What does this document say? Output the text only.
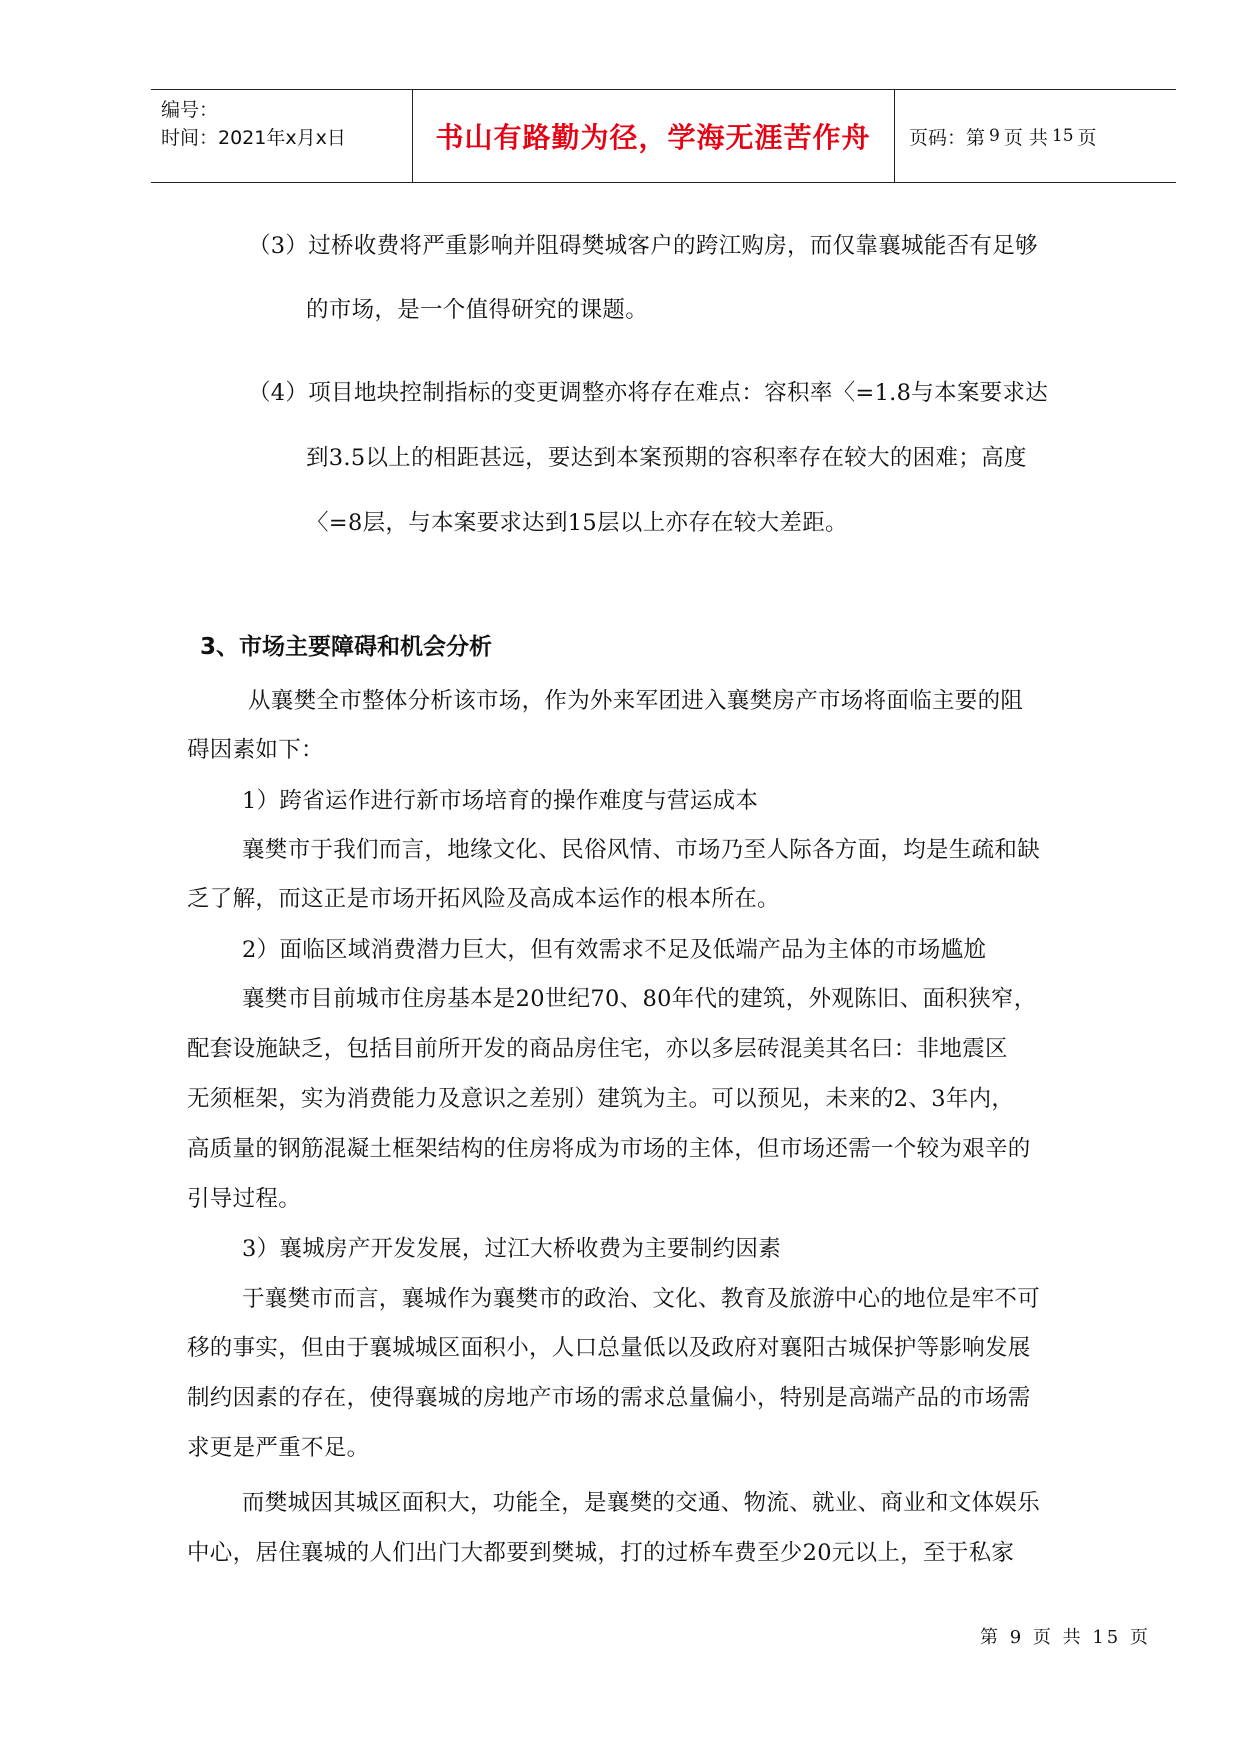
编号：
时间：2021年x月x日	书山有路勤为径，学海无涯苦作舟	页码：第 9 页 共 15 页
（3）过桥收费将严重影响并阻碍樊城客户的跨江购房，而仅靠襄城能否有足够
的市场，是一个值得研究的课题。
（4）项目地块控制指标的变更调整亦将存在难点：容积率〈=1.8与本案要求达
到3.5以上的相距甚远，要达到本案预期的容积率存在较大的困难；高度
〈=8层，与本案要求达到15层以上亦存在较大差距。
3、市场主要障碍和机会分析
从襄樊全市整体分析该市场，作为外来军团进入襄樊房产市场将面临主要的阻
碍因素如下：
1）跨省运作进行新市场培育的操作难度与营运成本
襄樊市于我们而言，地缘文化、民俗风情、市场乃至人际各方面，均是生疏和缺
乏了解，而这正是市场开拓风险及高成本运作的根本所在。
2）面临区域消费潜力巨大，但有效需求不足及低端产品为主体的市场尴尬
襄樊市目前城市住房基本是20世纪70、80年代的建筑，外观陈旧、面积狭窄，
配套设施缺乏，包括目前所开发的商品房住宅，亦以多层砖混美其名曰：非地震区
无须框架，实为消费能力及意识之差别）建筑为主。可以预见，未来的2、3年内，
高质量的钢筋混凝土框架结构的住房将成为市场的主体，但市场还需一个较为艰辛的
引导过程。
3）襄城房产开发发展，过江大桥收费为主要制约因素
于襄樊市而言，襄城作为襄樊市的政治、文化、教育及旅游中心的地位是牢不可
移的事实，但由于襄城城区面积小，人口总量低以及政府对襄阳古城保护等影响发展
制约因素的存在，使得襄城的房地产市场的需求总量偏小，特别是高端产品的市场需
求更是严重不足。
而樊城因其城区面积大，功能全，是襄樊的交通、物流、就业、商业和文体娱乐
中心，居住襄城的人们出门大都要到樊城，打的过桥车费至少20元以上，至于私家
第 9 页 共 15 页
